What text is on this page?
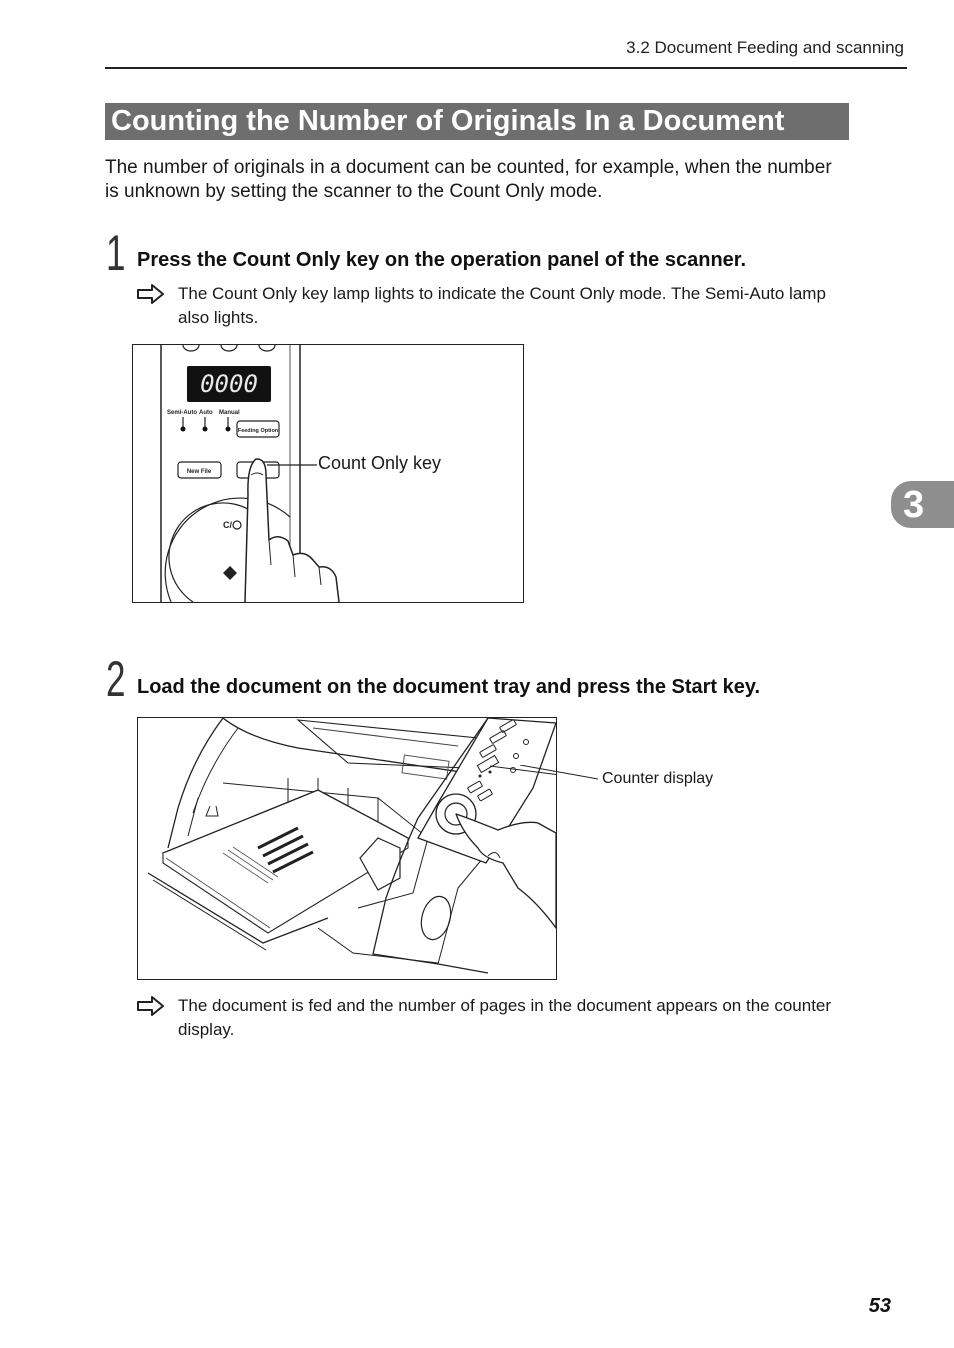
3.2 Document Feeding and scanning
Counting the Number of Originals In a Document
The number of originals in a document can be counted, for example, when the number is unknown by setting the scanner to the Count Only mode.
1 Press the Count Only key on the operation panel of the scanner.
The Count Only key lamp lights to indicate the Count Only mode. The Semi-Auto lamp also lights.
0000
Semi-Auto Auto Manual
Feeding Option
New File
C/
Count Only key
2 Load the document on the document tray and press the Start key.
Counter display
The document is fed and the number of pages in the document appears on the counter display.
3
53
